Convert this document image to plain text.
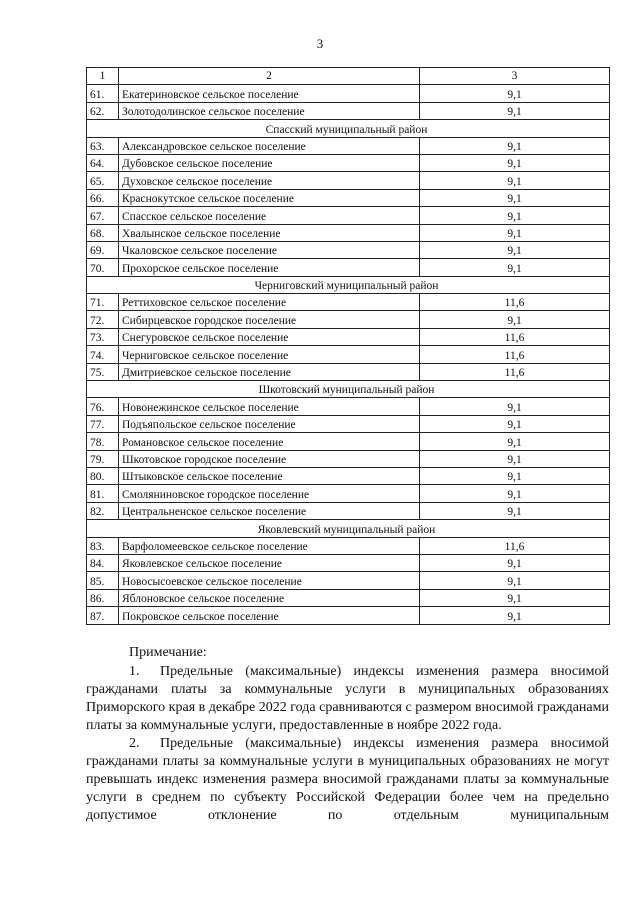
3
1	2	3
61.	Екатериновское сельское поселение	9,1
62.	Золотодолинское сельское поселение	9,1
Спасский муниципальный район		
63.	Александровское сельское поселение	9,1
64.	Дубовское сельское поселение	9,1
65.	Духовское сельское поселение	9,1
66.	Краснокутское сельское поселение	9,1
67.	Спасское сельское поселение	9,1
68.	Хвалынское сельское поселение	9,1
69.	Чкаловское сельское поселение	9,1
70.	Прохорское сельское поселение	9,1
Черниговский муниципальный район		
71.	Реттиховское сельское поселение	11,6
72.	Сибирцевское городское поселение	9,1
73.	Снегуровское сельское поселение	11,6
74.	Черниговское сельское поселение	11,6
75.	Дмитриевское сельское поселение	11,6
Шкотовский муниципальный район		
76.	Новонежинское сельское поселение	9,1
77.	Подъяпольское сельское поселение	9,1
78.	Романовское сельское поселение	9,1
79.	Шкотовское городское поселение	9,1
80.	Штыковское сельское поселение	9,1
81.	Смоляниновское городское поселение	9,1
82.	Центральненское сельское поселение	9,1
Яковлевский муниципальный район		
83.	Варфоломеевское сельское поселение	11,6
84.	Яковлевское сельское поселение	9,1
85.	Новосысоевское сельское поселение	9,1
86.	Яблоновское сельское поселение	9,1
87.	Покровское сельское поселение	9,1

Примечание:

1. Предельные (максимальные) индексы изменения размера вносимой гражданами платы за коммунальные услуги в муниципальных образованиях Приморского края в декабре 2022 года сравниваются с размером вносимой гражданами платы за коммунальные услуги, предоставленные в ноябре 2022 года.

2. Предельные (максимальные) индексы изменения размера вносимой гражданами платы за коммунальные услуги в муниципальных образованиях не могут превышать индекс изменения размера вносимой гражданами платы за коммунальные услуги в среднем по субъекту Российской Федерации более чем на предельно допустимое отклонение по отдельным муниципальным
